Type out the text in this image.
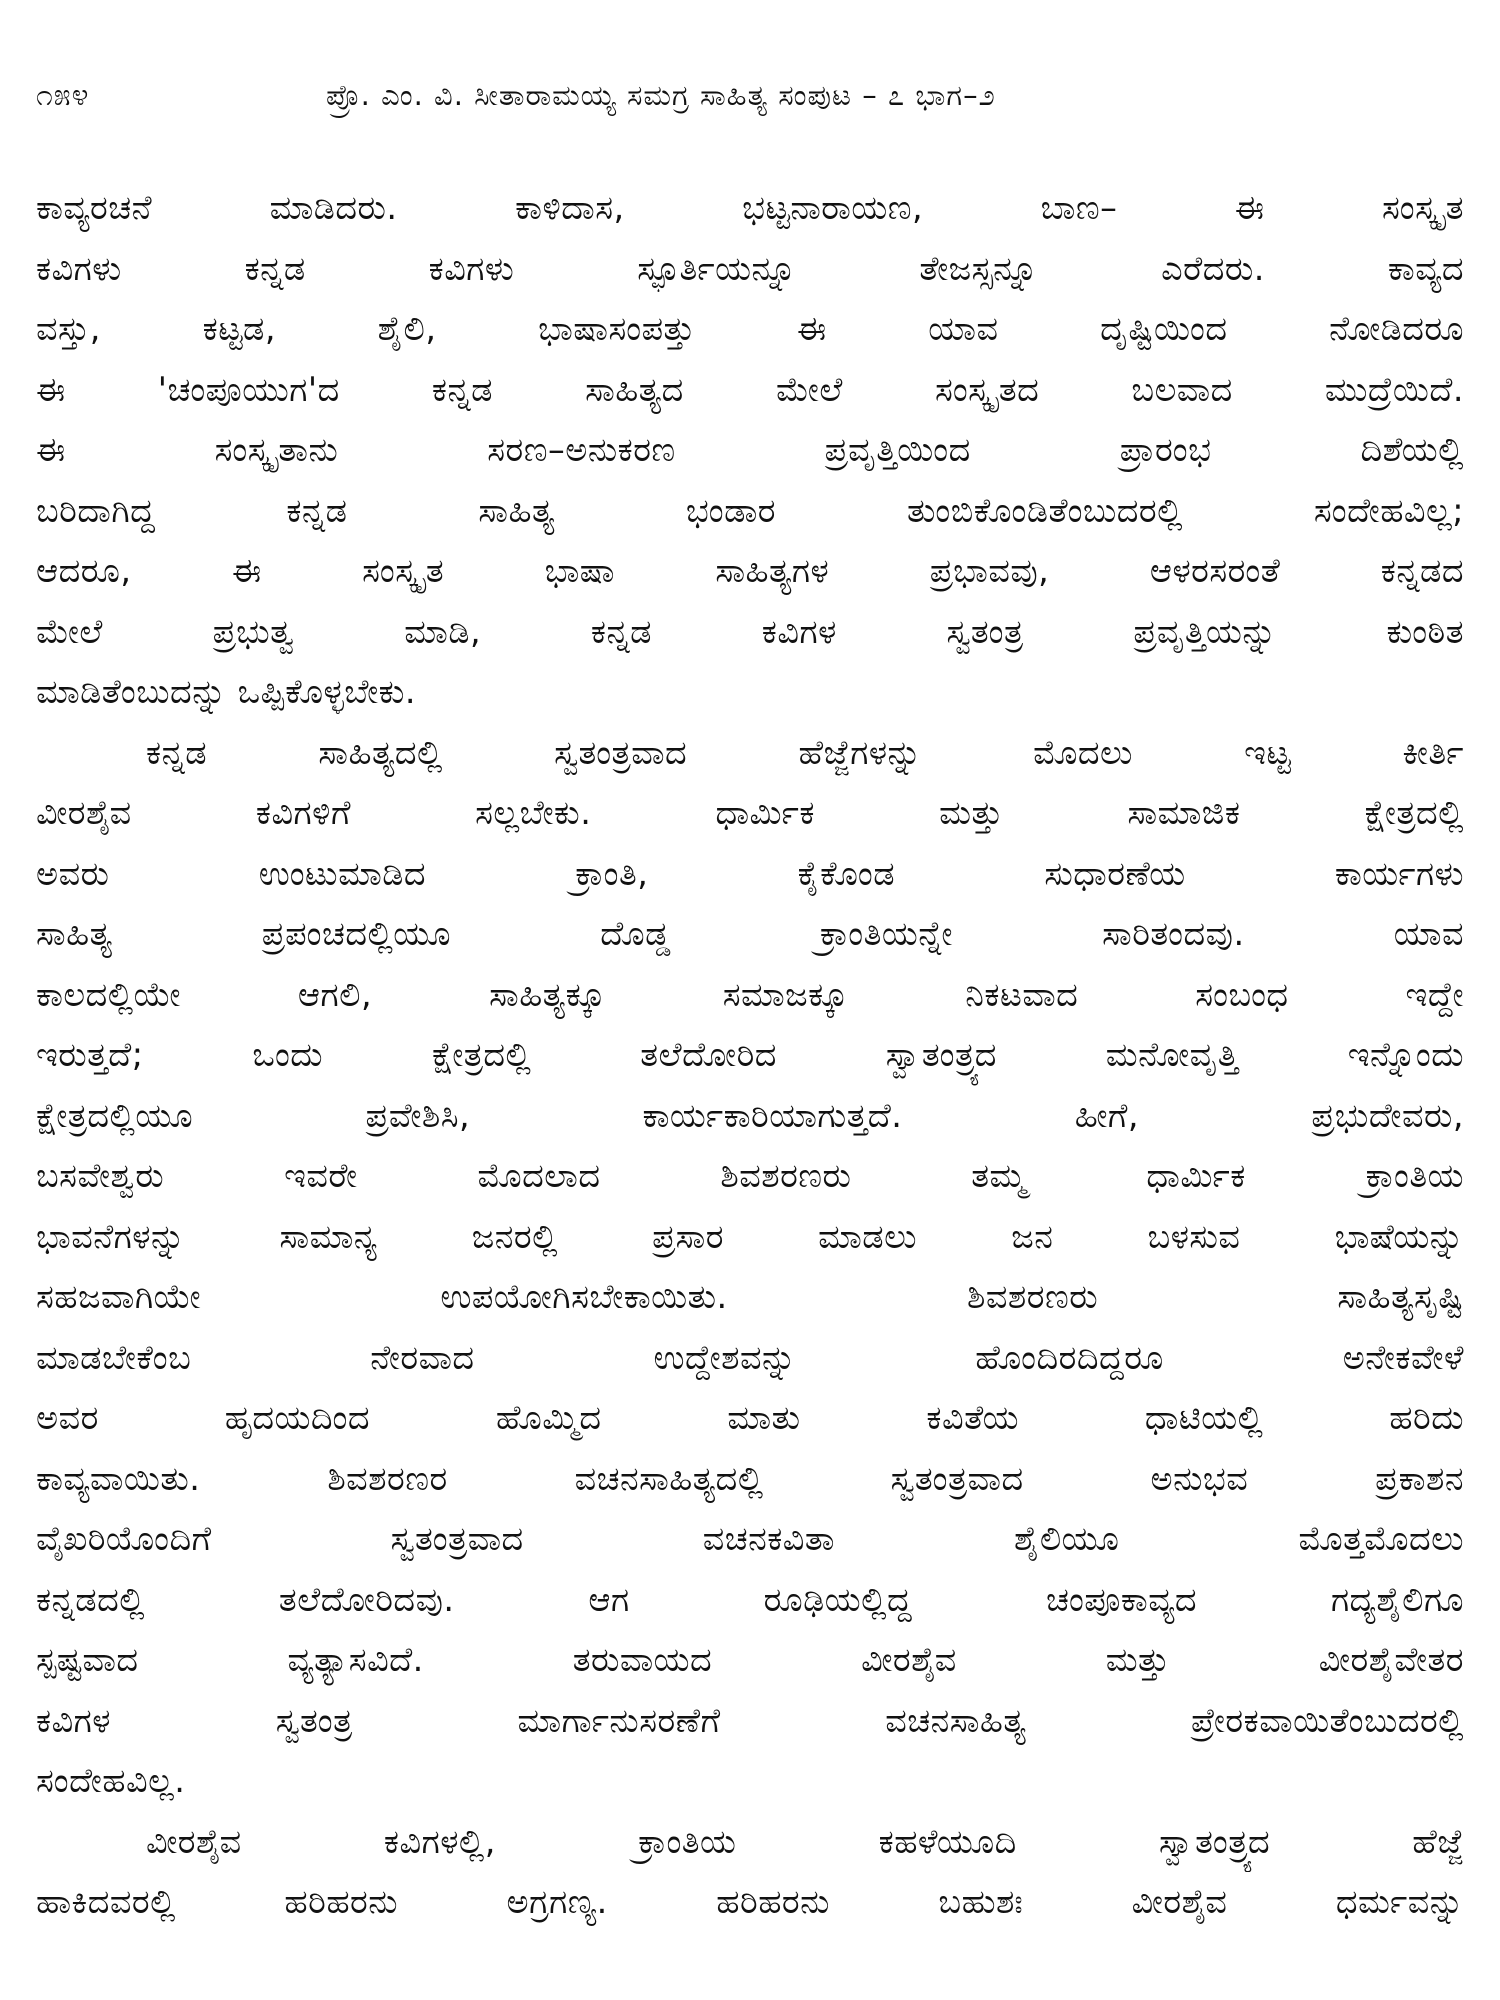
೧೫೪	ಪ್ರೊ. ಎಂ. ವಿ. ಸೀತಾರಾಮಯ್ಯ ಸಮಗ್ರ ಸಾಹಿತ್ಯ ಸಂಪುಟ – ೭ ಭಾಗ–೨
ಕಾವ್ಯರಚನೆ ಮಾಡಿದರು. ಕಾಳಿದಾಸ, ಭಟ್ಟನಾರಾಯಣ, ಬಾಣ– ಈ ಸಂಸ್ಕೃತ
ಕವಿಗಳು ಕನ್ನಡ ಕವಿಗಳು ಸ್ಫೂರ್ತಿಯನ್ನೂ ತೇಜಸ್ಸನ್ನೂ ಎರೆದರು. ಕಾವ್ಯದ
ವಸ್ತು, ಕಟ್ಟಡ, ಶೈಲಿ, ಭಾಷಾಸಂಪತ್ತು ಈ ಯಾವ ದೃಷ್ಟಿಯಿಂದ ನೋಡಿದರೂ
ಈ 'ಚಂಪೂಯುಗ'ದ ಕನ್ನಡ ಸಾಹಿತ್ಯದ ಮೇಲೆ ಸಂಸ್ಕೃತದ ಬಲವಾದ ಮುದ್ರೆಯಿದೆ.
ಈ ಸಂಸ್ಕೃತಾನು ಸರಣ–ಅನುಕರಣ ಪ್ರವೃತ್ತಿಯಿಂದ ಪ್ರಾರಂಭ ದಿಶೆಯಲ್ಲಿ
ಬರಿದಾಗಿದ್ದ ಕನ್ನಡ ಸಾಹಿತ್ಯ ಭಂಡಾರ ತುಂಬಿಕೊಂಡಿತೆಂಬುದರಲ್ಲಿ ಸಂದೇಹವಿಲ್ಲ;
ಆದರೂ, ಈ ಸಂಸ್ಕೃತ ಭಾಷಾ ಸಾಹಿತ್ಯಗಳ ಪ್ರಭಾವವು, ಆಳರಸರಂತೆ ಕನ್ನಡದ
ಮೇಲೆ ಪ್ರಭುತ್ವ ಮಾಡಿ, ಕನ್ನಡ ಕವಿಗಳ ಸ್ವತಂತ್ರ ಪ್ರವೃತ್ತಿಯನ್ನು ಕುಂಠಿತ
ಮಾಡಿತೆಂಬುದನ್ನು ಒಪ್ಪಿಕೊಳ್ಳಬೇಕು.
ಕನ್ನಡ ಸಾಹಿತ್ಯದಲ್ಲಿ ಸ್ವತಂತ್ರವಾದ ಹೆಜ್ಜೆಗಳನ್ನು ಮೊದಲು ಇಟ್ಟ ಕೀರ್ತಿ
ವೀರಶೈವ ಕವಿಗಳಿಗೆ ಸಲ್ಲಬೇಕು. ಧಾರ್ಮಿಕ ಮತ್ತು ಸಾಮಾಜಿಕ ಕ್ಷೇತ್ರದಲ್ಲಿ
ಅವರು ಉಂಟುಮಾಡಿದ ಕ್ರಾಂತಿ, ಕೈಕೊಂಡ ಸುಧಾರಣೆಯ ಕಾರ್ಯಗಳು
ಸಾಹಿತ್ಯ ಪ್ರಪಂಚದಲ್ಲಿಯೂ ದೊಡ್ಡ ಕ್ರಾಂತಿಯನ್ನೇ ಸಾರಿತಂದವು. ಯಾವ
ಕಾಲದಲ್ಲಿಯೇ ಆಗಲಿ, ಸಾಹಿತ್ಯಕ್ಕೂ ಸಮಾಜಕ್ಕೂ ನಿಕಟವಾದ ಸಂಬಂಧ ಇದ್ದೇ
ಇರುತ್ತದೆ; ಒಂದು ಕ್ಷೇತ್ರದಲ್ಲಿ ತಲೆದೋರಿದ ಸ್ವಾತಂತ್ರ್ಯದ ಮನೋವೃತ್ತಿ ಇನ್ನೊಂದು
ಕ್ಷೇತ್ರದಲ್ಲಿಯೂ ಪ್ರವೇಶಿಸಿ, ಕಾರ್ಯಕಾರಿಯಾಗುತ್ತದೆ. ಹೀಗೆ, ಪ್ರಭುದೇವರು,
ಬಸವೇಶ್ವರು ಇವರೇ ಮೊದಲಾದ ಶಿವಶರಣರು ತಮ್ಮ ಧಾರ್ಮಿಕ ಕ್ರಾಂತಿಯ
ಭಾವನೆಗಳನ್ನು ಸಾಮಾನ್ಯ ಜನರಲ್ಲಿ ಪ್ರಸಾರ ಮಾಡಲು ಜನ ಬಳಸುವ ಭಾಷೆಯನ್ನು
ಸಹಜವಾಗಿಯೇ ಉಪಯೋಗಿಸಬೇಕಾಯಿತು. ಶಿವಶರಣರು ಸಾಹಿತ್ಯಸೃಷ್ಟಿ
ಮಾಡಬೇಕೆಂಬ ನೇರವಾದ ಉದ್ದೇಶವನ್ನು ಹೊಂದಿರದಿದ್ದರೂ ಅನೇಕವೇಳೆ
ಅವರ ಹೃದಯದಿಂದ ಹೊಮ್ಮಿದ ಮಾತು ಕವಿತೆಯ ಧಾಟಿಯಲ್ಲಿ ಹರಿದು
ಕಾವ್ಯವಾಯಿತು. ಶಿವಶರಣರ ವಚನಸಾಹಿತ್ಯದಲ್ಲಿ ಸ್ವತಂತ್ರವಾದ ಅನುಭವ ಪ್ರಕಾಶನ
ವೈಖರಿಯೊಂದಿಗೆ ಸ್ವತಂತ್ರವಾದ ವಚನಕವಿತಾ ಶೈಲಿಯೂ ಮೊತ್ತಮೊದಲು
ಕನ್ನಡದಲ್ಲಿ ತಲೆದೋರಿದವು. ಆಗ ರೂಢಿಯಲ್ಲಿದ್ದ ಚಂಪೂಕಾವ್ಯದ ಗದ್ಯಶೈಲಿಗೂ
ಸ್ಪಷ್ಟವಾದ ವ್ಯತ್ಯಾಸವಿದೆ. ತರುವಾಯದ ವೀರಶೈವ ಮತ್ತು ವೀರಶೈವೇತರ
ಕವಿಗಳ ಸ್ವತಂತ್ರ ಮಾರ್ಗಾನುಸರಣೆಗೆ ವಚನಸಾಹಿತ್ಯ ಪ್ರೇರಕವಾಯಿತೆಂಬುದರಲ್ಲಿ
ಸಂದೇಹವಿಲ್ಲ.
ವೀರಶೈವ ಕವಿಗಳಲ್ಲಿ, ಕ್ರಾಂತಿಯ ಕಹಳೆಯೂದಿ ಸ್ವಾತಂತ್ರ್ಯದ ಹೆಜ್ಜೆ
ಹಾಕಿದವರಲ್ಲಿ ಹರಿಹರನು ಅಗ್ರಗಣ್ಯ. ಹರಿಹರನು ಬಹುಶಃ ವೀರಶೈವ ಧರ್ಮವನ್ನು
